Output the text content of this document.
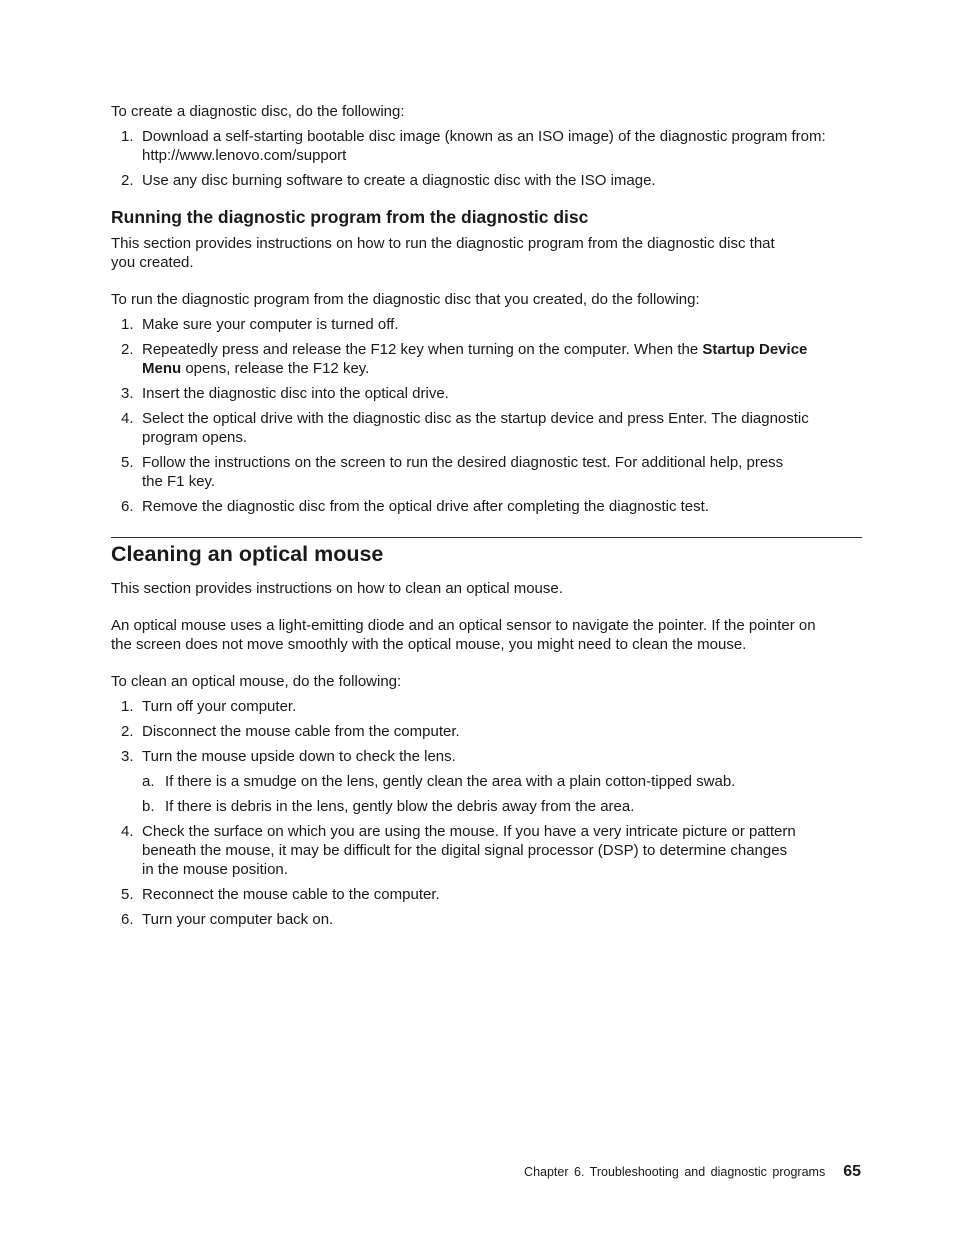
To create a diagnostic disc, do the following:

1. Download a self-starting bootable disc image (known as an ISO image) of the diagnostic program from:
http://www.lenovo.com/support
2. Use any disc burning software to create a diagnostic disc with the ISO image.
Running the diagnostic program from the diagnostic disc

This section provides instructions on how to run the diagnostic program from the diagnostic disc that
you created.

To run the diagnostic program from the diagnostic disc that you created, do the following:

1. Make sure your computer is turned off.
2. Repeatedly press and release the F12 key when turning on the computer. When the Startup Device
Menu opens, release the F12 key.
3. Insert the diagnostic disc into the optical drive.
4. Select the optical drive with the diagnostic disc as the startup device and press Enter. The diagnostic
program opens.
5. Follow the instructions on the screen to run the desired diagnostic test. For additional help, press
the F1 key.
6. Remove the diagnostic disc from the optical drive after completing the diagnostic test.
Cleaning an optical mouse

This section provides instructions on how to clean an optical mouse.

An optical mouse uses a light-emitting diode and an optical sensor to navigate the pointer. If the pointer on
the screen does not move smoothly with the optical mouse, you might need to clean the mouse.

To clean an optical mouse, do the following:

1. Turn off your computer.
2. Disconnect the mouse cable from the computer.
3. Turn the mouse upside down to check the lens.
a. If there is a smudge on the lens, gently clean the area with a plain cotton-tipped swab.
b. If there is debris in the lens, gently blow the debris away from the area.
4. Check the surface on which you are using the mouse. If you have a very intricate picture or pattern
beneath the mouse, it may be difficult for the digital signal processor (DSP) to determine changes
in the mouse position.
5. Reconnect the mouse cable to the computer.
6. Turn your computer back on.
Chapter 6. Troubleshooting and diagnostic programs 65
